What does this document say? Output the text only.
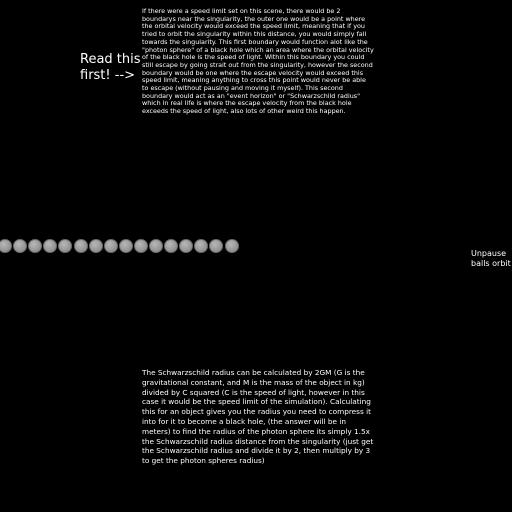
Read this
first! -->
If there were a speed limit set on this scene, there would be 2 boundarys near the singularity, the outer one would be a point where the orbital velocity would exceed the speed limit, meaning that if you tried to orbit the singularity within this distance, you would simply fall towards the singularity. This first boundary would function alot like the "photon sphere" of a black hole which an area where the orbital velocity of the black hole is the speed of light. Within this boundary you could still escape by going strait out from the singularity, however the second boundary would be one where the escape velocity would exceed this speed limit, meaning anything to cross this point would never be able to escape (without pausing and moving it myself). This second boundary would act as an "event horizon" or "Schwarzschild radius" which in real life is where the escape velocity from the black hole exceeds the speed of light, also lots of other weird this happen.
Unpause
balls orbit
The Schwarzschild radius can be calculated by 2GM (G is the gravitational constant, and M is the mass of the object in kg) divided by C squared (C is the speed of light, however in this case it would be the speed limit of the simulation). Calculating this for an object gives you the radius you need to compress it into for it to become a black hole, (the answer will be in meters) to find the radius of the photon sphere its simply 1.5x the Schwarzschild radius distance from the singularity (just get the Schwarzschild radius and divide it by 2, then multiply by 3 to get the photon spheres radius)
